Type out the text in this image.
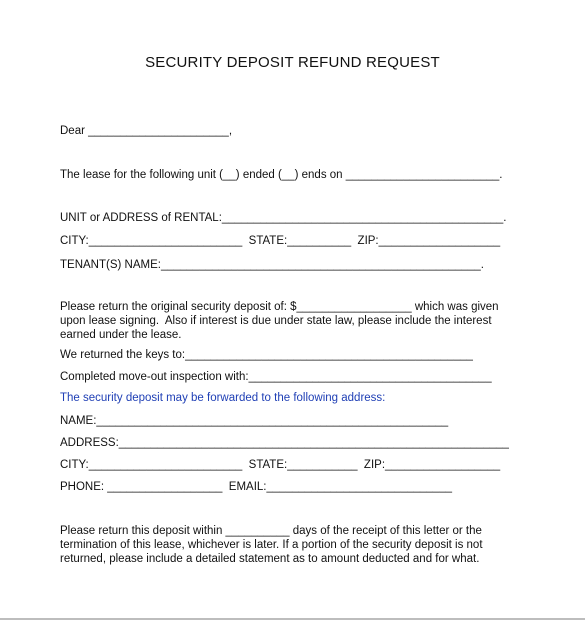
SECURITY DEPOSIT REFUND REQUEST
Dear ______________________,
The lease for the following unit (__) ended (__) ends on ________________________.
UNIT or ADDRESS of RENTAL:____________________________________________.
CITY:________________________  STATE:__________  ZIP:___________________
TENANT(S) NAME:__________________________________________________.
Please return the original security deposit of: $__________________ which was given
upon lease signing.  Also if interest is due under state law, please include the interest
earned under the lease.
We returned the keys to:_____________________________________________
Completed move-out inspection with:______________________________________
The security deposit may be forwarded to the following address:
NAME:_______________________________________________________
ADDRESS:_____________________________________________________________
CITY:________________________  STATE:___________  ZIP:__________________
PHONE: __________________  EMAIL:_____________________________
Please return this deposit within __________ days of the receipt of this letter or the
termination of this lease, whichever is later. If a portion of the security deposit is not
returned, please include a detailed statement as to amount deducted and for what.
